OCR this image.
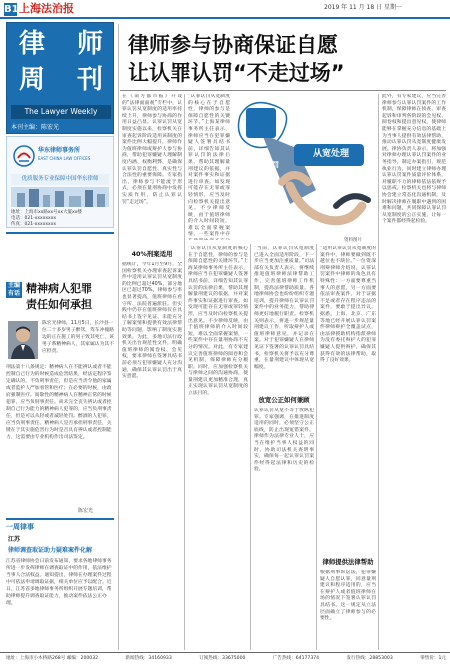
B1 上海法治报	2019 年 11 月 18 日 星期一
律 师
周 刊
The Lawyer Weekly
本刊主编：陈宏光
华东律师事务所
EAST CHINA LAW OFFICES
优质服务专业保障中国华东律师
地址：上海市xx路xx号xx大厦xx楼
电话：021-xxxxxxxx
传真：021-xxxxxxxx
主编有话 精神病人犯罪
责任如何承担
陈宏光律师，11月5日，长沙县一位二十多岁男子醉驾，驾车冲撞路边的正在施工的男子致其死亡，该男子系精神病人，其家属认为其不应担责。
刑法第十八条规定：精神病人在不能辨认或者不能控制自己行为的时候造成危害结果，经法定程序鉴定确认的，不负刑事责任，但是应当责令他的家属或者监护人严加看管和医疗；在必要的时候，由政府强制医疗。间歇性的精神病人在精神正常的时候犯罪，应当负刑事责任。尚未完全丧失辨认或者控制自己行为能力的精神病人犯罪的，应当负刑事责任，但是可以从轻或者减轻处罚。醉酒的人犯罪，应当负刑事责任。精神病人是否承担刑事责任，关键在于其实施危害行为时是否具有辨认或者控制能力，这需要由专业机构作出司法鉴定。
陈宏光
一周律事
江苏
律师调查取证助力疑难案件化解
江苏省律师协会日前发布通知，要求各地律师事务所进一步发挥律师在调查取证中的作用，依法维护当事人合法权益。通知提出，律师在办理案件过程中可依法申请调取证据，相关单位应予以配合。近日，江苏省多地律师事务所组织开展专题培训，帮助律师提升调查取证能力，推动案件依法公正办理。
律师参与协商保证自愿
让认罪认罚“不走过场”
在《南方都市报》开设的“法律面面观”专栏中，认罪认罚从宽制度的适用率持续上升，律师参与协商的作用日益凸显。认罪认罚从宽制度实施以来，检察机关在审查起诉阶段适用该制度的案件比例大幅提升，律师作为值班律师或辩护人参与协商，帮助犯罪嫌疑人理解制度内涵、权衡利弊，是确保认罪认罚自愿性、真实性与合法性的重要保障。专家指出，律师参与不能流于形式，必须在量刑协商中发挥实质作用，防止认罪认罚“走过场”。
40%刑案适用
据统计，今年1月至9月，全国检察机关办理审查起诉案件中适用认罪认罚从宽制度的比例已超过40%，部分地区已超过70%。律师参与率也显著提高，值班律师在看守所、法院普遍派驻。但实践中仍存在值班律师仅在具结书上签字见证、未能充分了解案情和提供有效法律帮助等问题，影响了制度实施效果。为此，多地司法行政机关出台规范性文件，明确值班律师的阅卷权、会见权，要求律师在签署具结书前必须与犯罪嫌疑人充分沟通，确保其认罪认罚出于真实意愿。
“认罪认罚从宽制度的核心在于自愿性，律师的参与是保障自愿性的关键环节。”上海某律师事务所主任表示，律师应当在犯罪嫌疑人签署具结书前，详细告知其认罪认罚的法律后果，帮助其理解量刑建议的依据，并对案件事实和证据进行审查。如发现可能存在无罪或罪轻情形，应当及时向检察机关提出意见。不少律师反映，由于值班律师的介入时间较短，难以全面掌握案情，一些案件中存
“认罪认罚从宽制度的核心在于自愿性，律师的参与是保障自愿性的关键环节。”上海某律师事务所主任表示，律师应当在犯罪嫌疑人签署具结书前，详细告知其认罪认罚的法律后果，帮助其理解量刑建议的依据，并对案件事实和证据进行审查。如发现可能存在无罪或罪轻情形，应当及时向检察机关提出意见。不少律师反映，由于值班律师的介入时间较短，难以全面掌握案情，一些案件中存在量刑协商不充分的情况。对此，有专家建议完善值班律师的阅卷和会见机制，保障律师充分履职。同时，应加强检察机关与律师之间的沟通协商，使量刑建议更加精准合理，真正实现认罪认罚从宽制度的立法目的。
认罪认罚
从宽处理
资料图片
“当前，认罪认罚从宽制度已进入全面适用阶段，下一步应当更加注重质量。”司法部有关负责人表示，将继续推进值班律师法律帮助工作，完善值班律师工作机制，提高法律帮助质量。各地律师协会也纷纷组织专题培训，提升律师在认罪认罚案件中的业务能力，帮助律师更好地履行职责。检察机关则表示，将进一步规范量刑建议工作，听取辩护人或值班律师意见，并记录在案。对于犯罪嫌疑人在律师见证下签署的认罪认罚具结书，检察机关将予以充分尊重，在量刑建议中体现从宽幅度。
放宽公正如何兼顾
认罪认罚从宽不等于放纵犯罪。专家强调，在推进制度适用的同时，必须坚守公正底线，防止出现冤错案件。律师作为法律专业人士，应当在维护当事人权益的同时，协助司法机关查明事实，确保每一起认罪认罚案件经得起法律和历史的检验。
“适用认罪认罚从宽制度的案件中，律师要做到既不越位也不缺位。”一位资深刑辩律师介绍说，认罪认罚案件中律师的角色具有特殊性：一方面要尊重当事人的意愿，另一方面要依法审查案件，对于证据不足或者存在程序违法的案件，要敢于提出异议。据悉，上海、北京、广东等地已经开展认罪认罚案件律师辩护全覆盖试点，由法律援助机构指派律师为没有委托辩护人的犯罪嫌疑人提供辩护，确保其获得有效的法律帮助，取得了良好效果。
律师提供法律帮助
根据刑事诉讼法，犯罪嫌疑人自愿认罪，同意量刑建议和程序适用的，应当在辩护人或者值班律师在场的情况下签署认罪认罚具结书。这一规定从立法层面确立了律师参与的必要性。
此外，有专家建议，应当完善律师参与认罪认罚案件的工作机制，保障律师在侦查、审查起诉和审判各阶段的会见权、阅卷权和提出意见权，使律师能够在掌握充分信息的基础上为当事人提供有效法律帮助，推动认罪认罚从宽制度健康发展。律协负责人表示，将加强对律师办理认罪认罚案件的业务指导，制定办案指引，规范执业行为，同时建立律师办理认罪认罚案件质量评价体系，对履职不力的律师依法依规予以惩戒。检察机关也将与律师协会建立常态化沟通机制，及时解决律师在履职中遇到的困难和问题，共同保障认罪认罚从宽制度的公正实施，让每一个案件都经得起检验。
地址：上海市小木桥路268号 邮编：200032	新闻热线：34160933	订阅热线：33675000	广告热线：64177374	发行热线：28853003	零售价：1元
